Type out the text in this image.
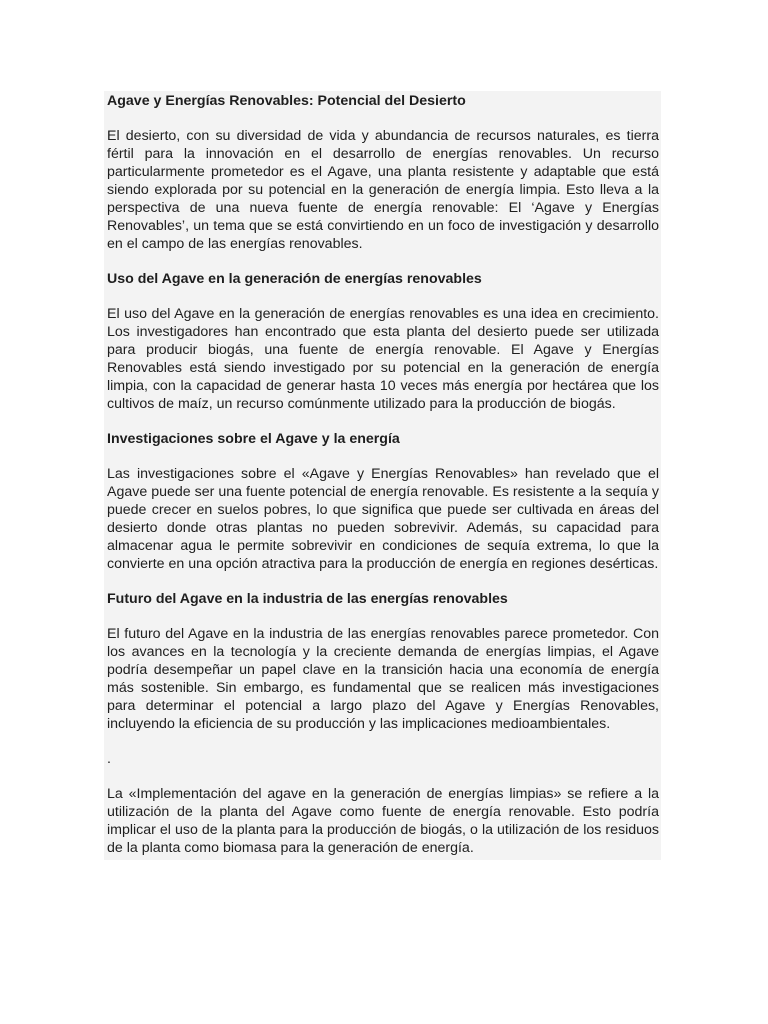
Agave y Energías Renovables: Potencial del Desierto
El desierto, con su diversidad de vida y abundancia de recursos naturales, es tierra fértil para la innovación en el desarrollo de energías renovables. Un recurso particularmente prometedor es el Agave, una planta resistente y adaptable que está siendo explorada por su potencial en la generación de energía limpia. Esto lleva a la perspectiva de una nueva fuente de energía renovable: El ‘Agave y Energías Renovables’, un tema que se está convirtiendo en un foco de investigación y desarrollo en el campo de las energías renovables.
Uso del Agave en la generación de energías renovables
El uso del Agave en la generación de energías renovables es una idea en crecimiento. Los investigadores han encontrado que esta planta del desierto puede ser utilizada para producir biogás, una fuente de energía renovable. El Agave y Energías Renovables está siendo investigado por su potencial en la generación de energía limpia, con la capacidad de generar hasta 10 veces más energía por hectárea que los cultivos de maíz, un recurso comúnmente utilizado para la producción de biogás.
Investigaciones sobre el Agave y la energía
Las investigaciones sobre el «Agave y Energías Renovables» han revelado que el Agave puede ser una fuente potencial de energía renovable. Es resistente a la sequía y puede crecer en suelos pobres, lo que significa que puede ser cultivada en áreas del desierto donde otras plantas no pueden sobrevivir. Además, su capacidad para almacenar agua le permite sobrevivir en condiciones de sequía extrema, lo que la convierte en una opción atractiva para la producción de energía en regiones desérticas.
Futuro del Agave en la industria de las energías renovables
El futuro del Agave en la industria de las energías renovables parece prometedor. Con los avances en la tecnología y la creciente demanda de energías limpias, el Agave podría desempeñar un papel clave en la transición hacia una economía de energía más sostenible. Sin embargo, es fundamental que se realicen más investigaciones para determinar el potencial a largo plazo del Agave y Energías Renovables, incluyendo la eficiencia de su producción y las implicaciones medioambientales.
.
La «Implementación del agave en la generación de energías limpias» se refiere a la utilización de la planta del Agave como fuente de energía renovable. Esto podría implicar el uso de la planta para la producción de biogás, o la utilización de los residuos de la planta como biomasa para la generación de energía.
